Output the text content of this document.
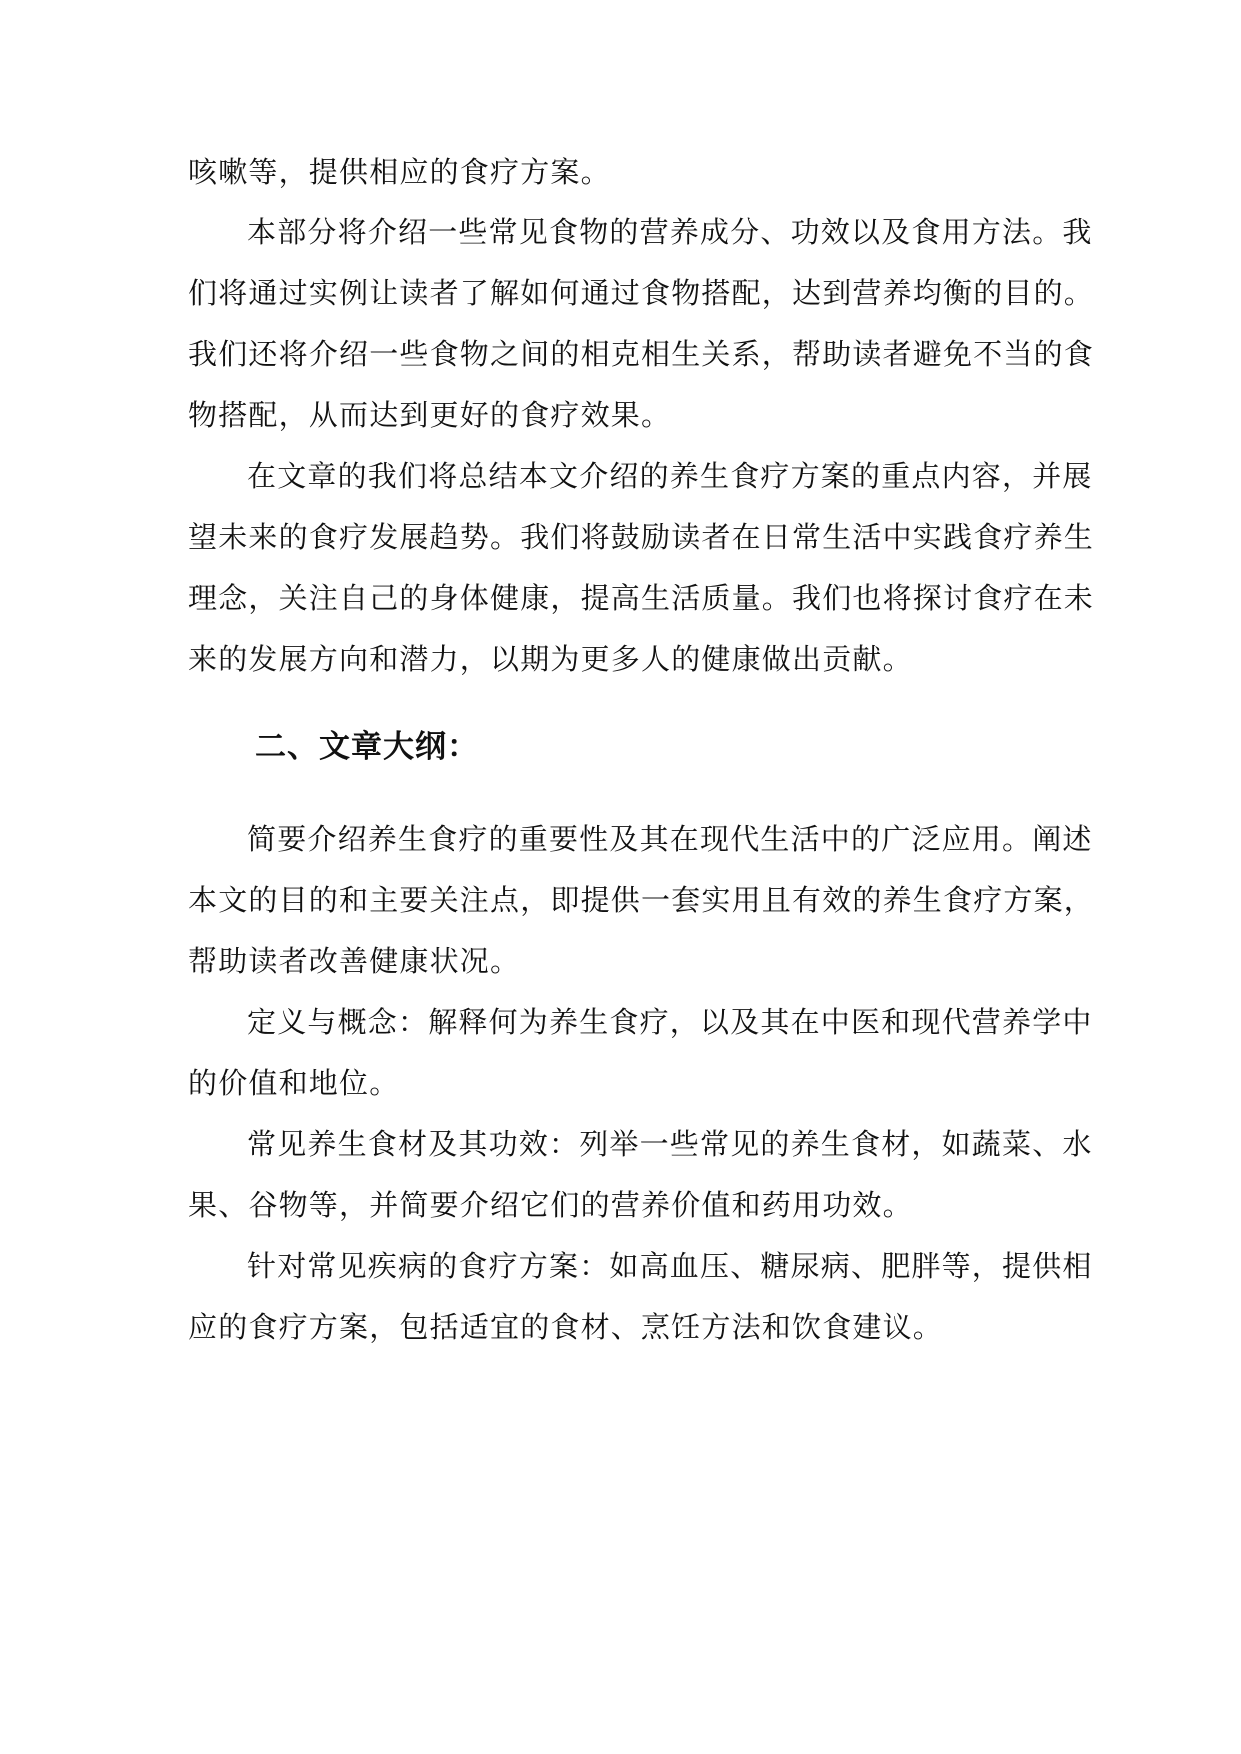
咳嗽等，提供相应的食疗方案。
本部分将介绍一些常见食物的营养成分、功效以及食用方法。我
们将通过实例让读者了解如何通过食物搭配，达到营养均衡的目的。
我们还将介绍一些食物之间的相克相生关系，帮助读者避免不当的食
物搭配，从而达到更好的食疗效果。
在文章的我们将总结本文介绍的养生食疗方案的重点内容，并展
望未来的食疗发展趋势。我们将鼓励读者在日常生活中实践食疗养生
理念，关注自己的身体健康，提高生活质量。我们也将探讨食疗在未
来的发展方向和潜力，以期为更多人的健康做出贡献。
二、文章大纲：
简要介绍养生食疗的重要性及其在现代生活中的广泛应用。阐述
本文的目的和主要关注点，即提供一套实用且有效的养生食疗方案，
帮助读者改善健康状况。
定义与概念：解释何为养生食疗，以及其在中医和现代营养学中
的价值和地位。
常见养生食材及其功效：列举一些常见的养生食材，如蔬菜、水
果、谷物等，并简要介绍它们的营养价值和药用功效。
针对常见疾病的食疗方案：如高血压、糖尿病、肥胖等，提供相
应的食疗方案，包括适宜的食材、烹饪方法和饮食建议。
